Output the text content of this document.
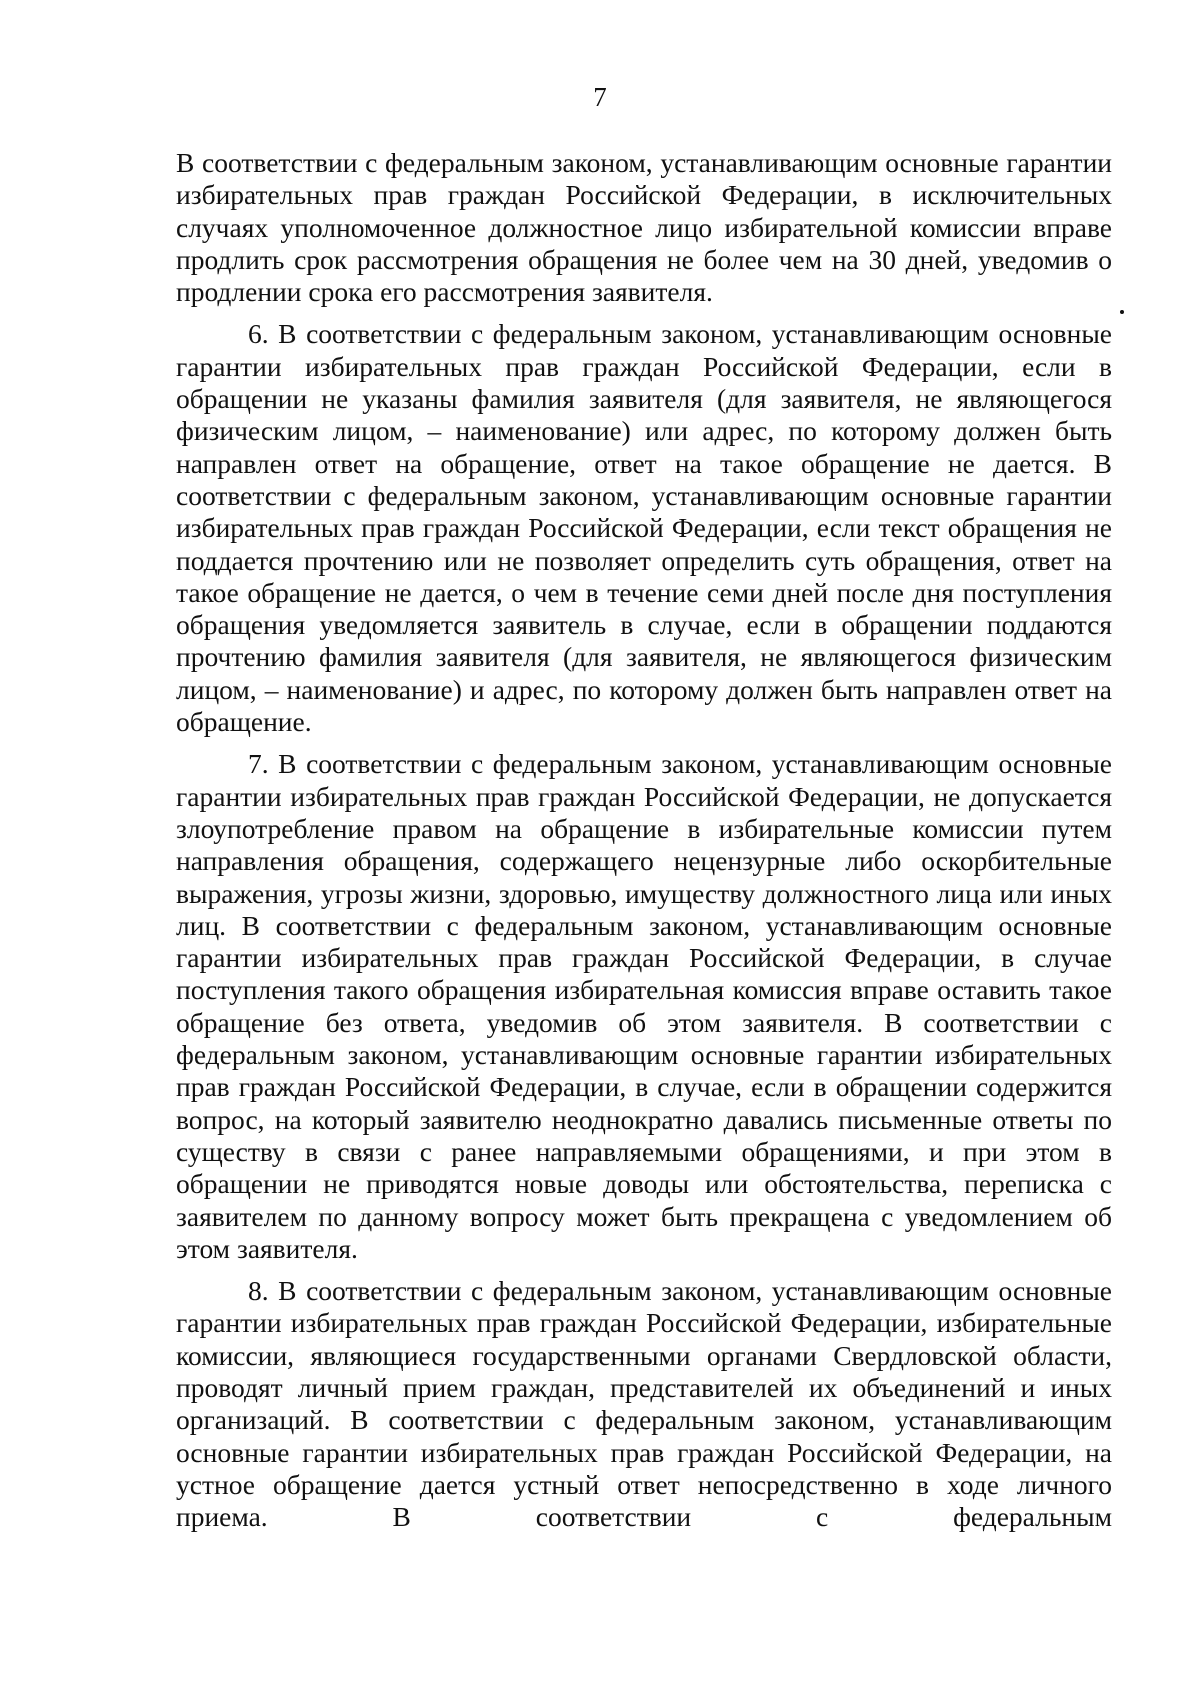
7

В соответствии с федеральным законом, устанавливающим основные гарантии избирательных прав граждан Российской Федерации, в исключительных случаях уполномоченное должностное лицо избирательной комиссии вправе продлить срок рассмотрения обращения не более чем на 30 дней, уведомив о продлении срока его рассмотрения заявителя.

6. В соответствии с федеральным законом, устанавливающим основные гарантии избирательных прав граждан Российской Федерации, если в обращении не указаны фамилия заявителя (для заявителя, не являющегося физическим лицом, – наименование) или адрес, по которому должен быть направлен ответ на обращение, ответ на такое обращение не дается. В соответствии с федеральным законом, устанавливающим основные гарантии избирательных прав граждан Российской Федерации, если текст обращения не поддается прочтению или не позволяет определить суть обращения, ответ на такое обращение не дается, о чем в течение семи дней после дня поступления обращения уведомляется заявитель в случае, если в обращении поддаются прочтению фамилия заявителя (для заявителя, не являющегося физическим лицом, – наименование) и адрес, по которому должен быть направлен ответ на обращение.

7. В соответствии с федеральным законом, устанавливающим основные гарантии избирательных прав граждан Российской Федерации, не допускается злоупотребление правом на обращение в избирательные комиссии путем направления обращения, содержащего нецензурные либо оскорбительные выражения, угрозы жизни, здоровью, имуществу должностного лица или иных лиц. В соответствии с федеральным законом, устанавливающим основные гарантии избирательных прав граждан Российской Федерации, в случае поступления такого обращения избирательная комиссия вправе оставить такое обращение без ответа, уведомив об этом заявителя. В соответствии с федеральным законом, устанавливающим основные гарантии избирательных прав граждан Российской Федерации, в случае, если в обращении содержится вопрос, на который заявителю неоднократно давались письменные ответы по существу в связи с ранее направляемыми обращениями, и при этом в обращении не приводятся новые доводы или обстоятельства, переписка с заявителем по данному вопросу может быть прекращена с уведомлением об этом заявителя.

8. В соответствии с федеральным законом, устанавливающим основные гарантии избирательных прав граждан Российской Федерации, избирательные комиссии, являющиеся государственными органами Свердловской области, проводят личный прием граждан, представителей их объединений и иных организаций. В соответствии с федеральным законом, устанавливающим основные гарантии избирательных прав граждан Российской Федерации, на устное обращение дается устный ответ непосредственно в ходе личного приема. В соответствии с федеральным
